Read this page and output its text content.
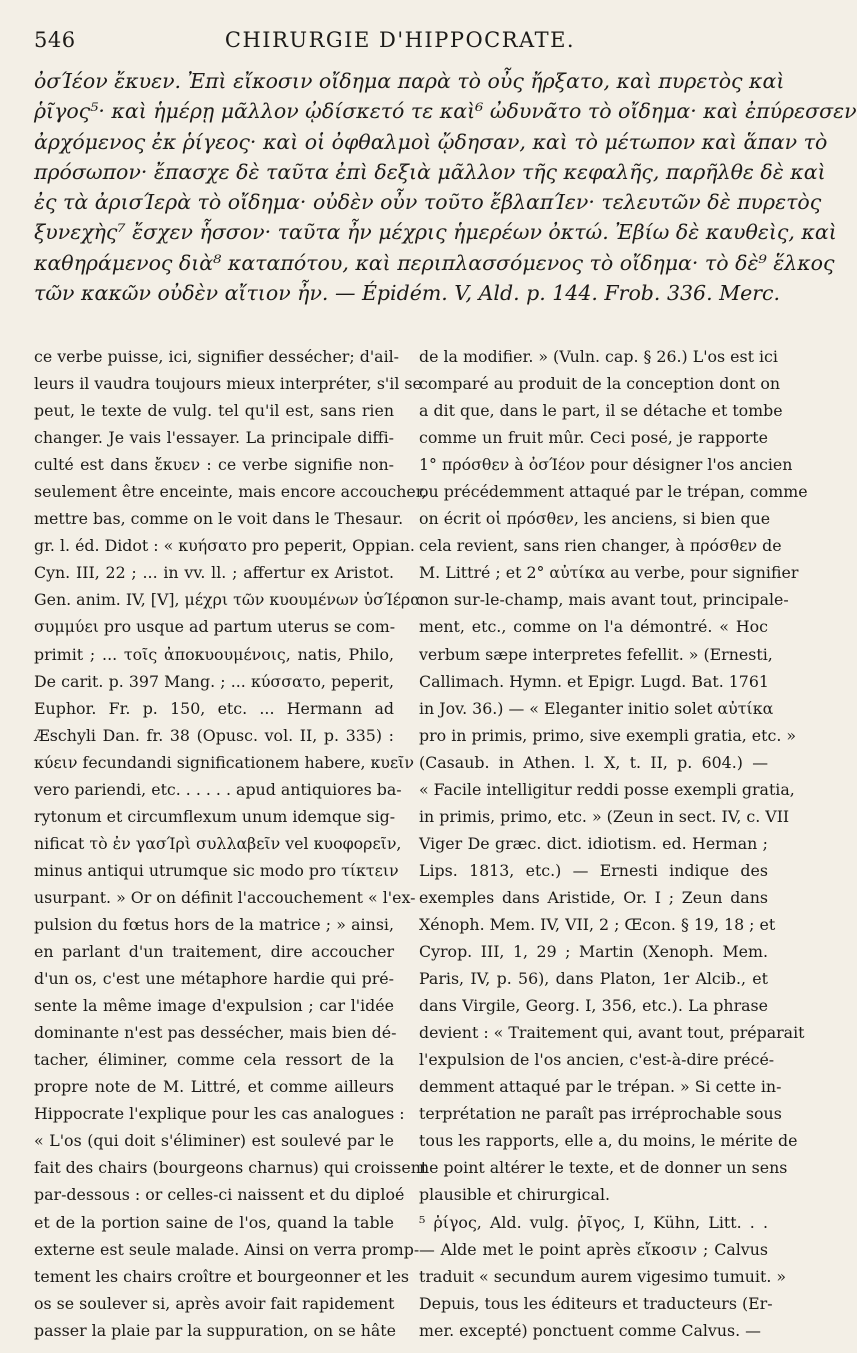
546	CHIRURGIE D'HIPPOCRATE.
ὀσΊέον ἔκυεν. Ἐπὶ εἴκοσιν οἴδημα παρὰ τὸ οὖς ἤρξατο, καὶ πυρετὸς καὶ
ῥῖγος⁵· καὶ ἡμέρῃ μᾶλλον ᾠδίσκετό τε καὶ⁶ ὠδυνᾶτο τὸ οἴδημα· καὶ ἐπύρεσσεν
ἀρχόμενος ἐκ ῥίγεος· καὶ οἱ ὀφθαλμοὶ ᾤδησαν, καὶ τὸ μέτωπον καὶ ἅπαν τὸ
πρόσωπον· ἔπασχε δὲ ταῦτα ἐπὶ δεξιὰ μᾶλλον τῆς κεφαλῆς, παρῆλθε δὲ καὶ
ἐς τὰ ἀρισΊερὰ τὸ οἴδημα· οὐδὲν οὖν τοῦτο ἔβλαπΊεν· τελευτῶν δὲ πυρετὸς
ξυνεχὴς⁷ ἔσχεν ἧσσον· ταῦτα ἦν μέχρις ἡμερέων ὀκτώ. Ἐβίω δὲ καυθεὶς, καὶ
καθηράμενος διὰ⁸ καταπότου, καὶ περιπλασσόμενος τὸ οἴδημα· τὸ δὲ⁹ ἕλκος
τῶν κακῶν οὐδὲν αἴτιον ἦν. — Épidém. V, Ald. p. 144. Frob. 336. Merc.
ce verbe puisse, ici, signifier dessécher; d'ail-
leurs il vaudra toujours mieux interpréter, s'il se
peut, le texte de vulg. tel qu'il est, sans rien
changer. Je vais l'essayer. La principale diffi-
culté est dans ἔκυεν : ce verbe signifie non-
seulement être enceinte, mais encore accoucher,
mettre bas, comme on le voit dans le Thesaur.
gr. l. éd. Didot : « κυήσατο pro peperit, Oppian.
Cyn. III, 22 ; ... in vv. ll. ; affertur ex Aristot.
Gen. anim. IV, [V], μέχρι τῶν κυουμένων ὑσΊέρα
συμμύει pro usque ad partum uterus se com-
primit ; ... τοῖς ἀποκυουμένοις, natis, Philo,
De carit. p. 397 Mang. ; ... κύσσατο, peperit,
Euphor. Fr. p. 150, etc. ... Hermann ad
Æschyli Dan. fr. 38 (Opusc. vol. II, p. 335) :
κύειν fecundandi significationem habere, κυεῖν
vero pariendi, etc. . . . . . apud antiquiores ba-
rytonum et circumflexum unum idemque sig-
nificat τὸ ἐν γασΊρὶ συλλαβεῖν vel κυοφορεῖν,
minus antiqui utrumque sic modo pro τίκτειν
usurpant. » Or on définit l'accouchement « l'ex-
pulsion du fœtus hors de la matrice ; » ainsi,
en parlant d'un traitement, dire accoucher
d'un os, c'est une métaphore hardie qui pré-
sente la même image d'expulsion ; car l'idée
dominante n'est pas dessécher, mais bien dé-
tacher, éliminer, comme cela ressort de la
propre note de M. Littré, et comme ailleurs
Hippocrate l'explique pour les cas analogues :
« L'os (qui doit s'éliminer) est soulevé par le
fait des chairs (bourgeons charnus) qui croissent
par-dessous : or celles-ci naissent et du diploé
et de la portion saine de l'os, quand la table
externe est seule malade. Ainsi on verra promp-
tement les chairs croître et bourgeonner et les
os se soulever si, après avoir fait rapidement
passer la plaie par la suppuration, on se hâte
de la modifier. » (Vuln. cap. § 26.) L'os est ici
comparé au produit de la conception dont on
a dit que, dans le part, il se détache et tombe
comme un fruit mûr. Ceci posé, je rapporte
1° πρόσθεν à ὀσΊέον pour désigner l'os ancien
ou précédemment attaqué par le trépan, comme
on écrit οἱ πρόσθεν, les anciens, si bien que
cela revient, sans rien changer, à πρόσθεν de
M. Littré ; et 2° αὐτίκα au verbe, pour signifier
non sur-le-champ, mais avant tout, principale-
ment, etc., comme on l'a démontré. « Hoc
verbum sæpe interpretes fefellit. » (Ernesti,
Callimach. Hymn. et Epigr. Lugd. Bat. 1761
in Jov. 36.) — « Eleganter initio solet αὐτίκα
pro in primis, primo, sive exempli gratia, etc. »
(Casaub. in Athen. l. X, t. II, p. 604.) —
« Facile intelligitur reddi posse exempli gratia,
in primis, primo, etc. » (Zeun in sect. IV, c. VII
Viger De græc. dict. idiotism. ed. Herman ;
Lips. 1813, etc.) — Ernesti indique des
exemples dans Aristide, Or. I ; Zeun dans
Xénoph. Mem. IV, VII, 2 ; Œcon. § 19, 18 ; et
Cyrop. III, 1, 29 ; Martin (Xenoph. Mem.
Paris, IV, p. 56), dans Platon, 1er Alcib., et
dans Virgile, Georg. I, 356, etc.). La phrase
devient : « Traitement qui, avant tout, préparait
l'expulsion de l'os ancien, c'est-à-dire précé-
demment attaqué par le trépan. » Si cette in-
terprétation ne paraît pas irréprochable sous
tous les rapports, elle a, du moins, le mérite de
ne point altérer le texte, et de donner un sens
plausible et chirurgical.
⁵ ῥίγος, Ald. vulg. ῥῖγος, I, Kühn, Litt. . .
— Alde met le point après εἴκοσιν ; Calvus
traduit « secundum aurem vigesimo tumuit. »
Depuis, tous les éditeurs et traducteurs (Er-
mer. excepté) ponctuent comme Calvus. —
